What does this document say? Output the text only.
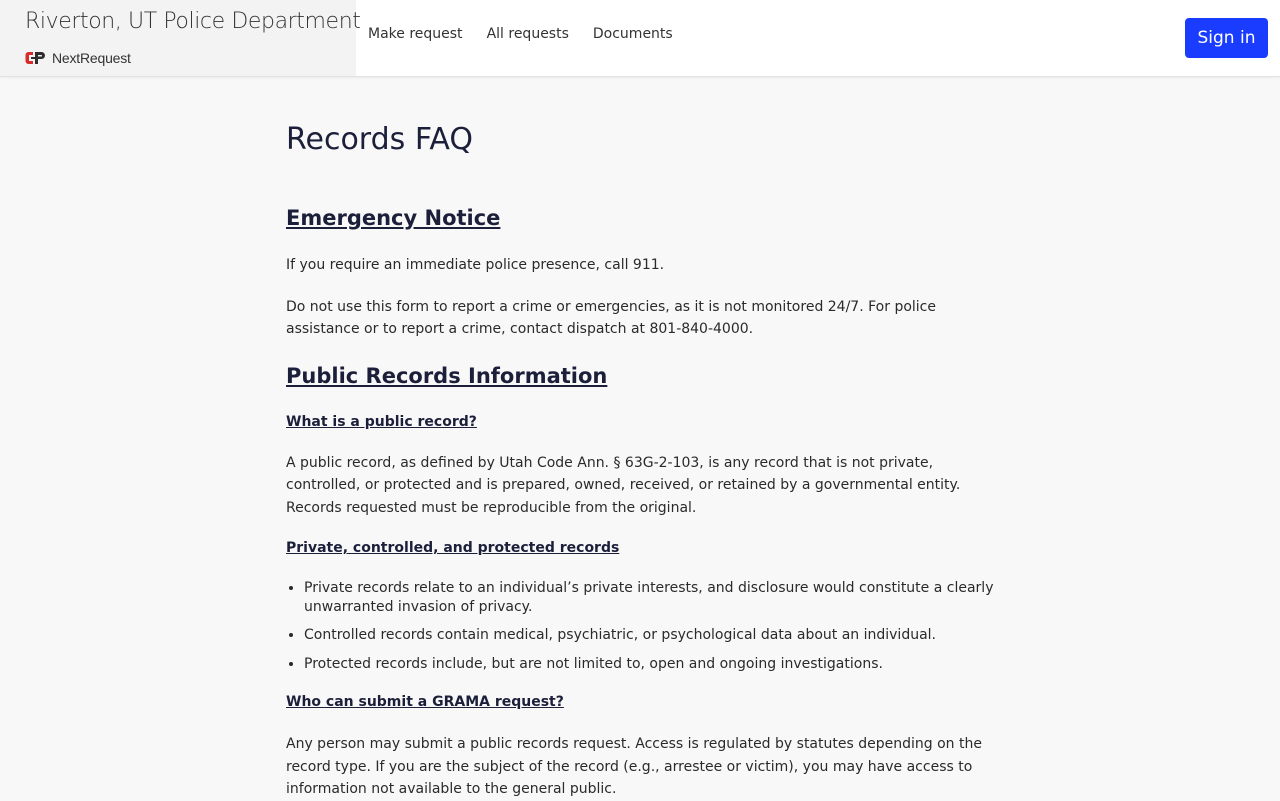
Riverton, UT Police Department
NextRequest
Make request All requests Documents	Sign in
Records FAQ
Emergency Notice

If you require an immediate police presence, call 911.

Do not use this form to report a crime or emergencies, as it is not monitored 24/7. For police assistance or to report a crime, contact dispatch at 801-840-4000.

Public Records Information
What is a public record?

A public record, as defined by Utah Code Ann. § 63G-2-103, is any record that is not private, controlled, or protected and is prepared, owned, received, or retained by a governmental entity. Records requested must be reproducible from the original.

Private, controlled, and protected records
• Private records relate to an individual’s private interests, and disclosure would constitute a clearly unwarranted invasion of privacy.
• Controlled records contain medical, psychiatric, or psychological data about an individual.
• Protected records include, but are not limited to, open and ongoing investigations.
Who can submit a GRAMA request?

Any person may submit a public records request. Access is regulated by statutes depending on the record type. If you are the subject of the record (e.g., arrestee or victim), you may have access to information not available to the general public.
